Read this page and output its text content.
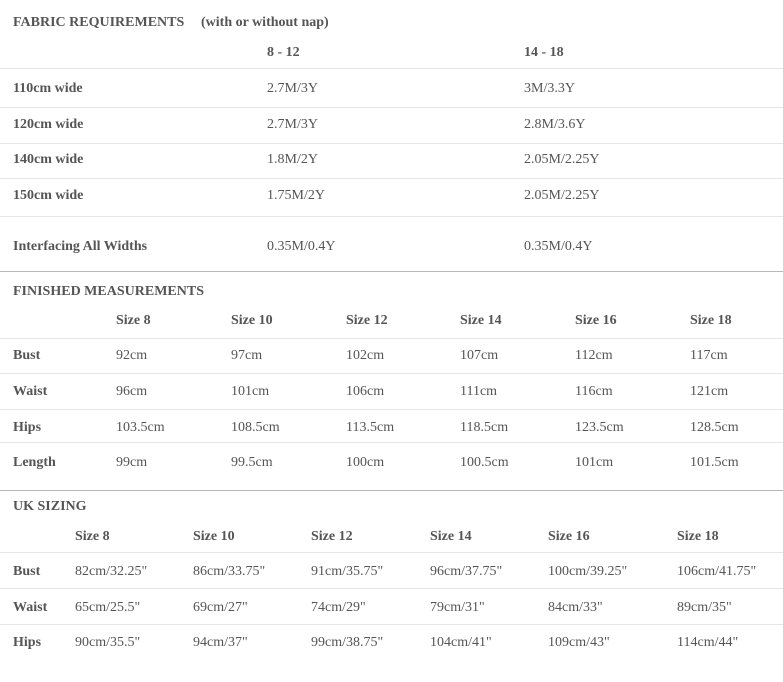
FABRIC REQUIREMENTS (with or without nap)
8 - 12	14 - 18
110cm wide	2.7M/3Y	3M/3.3Y
120cm wide	2.7M/3Y	2.8M/3.6Y
140cm wide	1.8M/2Y	2.05M/2.25Y
150cm wide	1.75M/2Y	2.05M/2.25Y
Interfacing All Widths	0.35M/0.4Y	0.35M/0.4Y
FINISHED MEASUREMENTS
Size 8	Size 10	Size 12	Size 14	Size 16	Size 18
Bust	92cm	97cm	102cm	107cm	112cm	117cm
Waist	96cm	101cm	106cm	111cm	116cm	121cm
Hips	103.5cm	108.5cm	113.5cm	118.5cm	123.5cm	128.5cm
Length	99cm	99.5cm	100cm	100.5cm	101cm	101.5cm
UK SIZING
Size 8	Size 10	Size 12	Size 14	Size 16	Size 18
Bust 82cm/32.25"	86cm/33.75"	91cm/35.75"	96cm/37.75"	100cm/39.25"	106cm/41.75"
Waist 65cm/25.5"	69cm/27"	74cm/29"	79cm/31"	84cm/33"	89cm/35"
Hips 90cm/35.5"	94cm/37"	99cm/38.75"	104cm/41"	109cm/43"	114cm/44"
